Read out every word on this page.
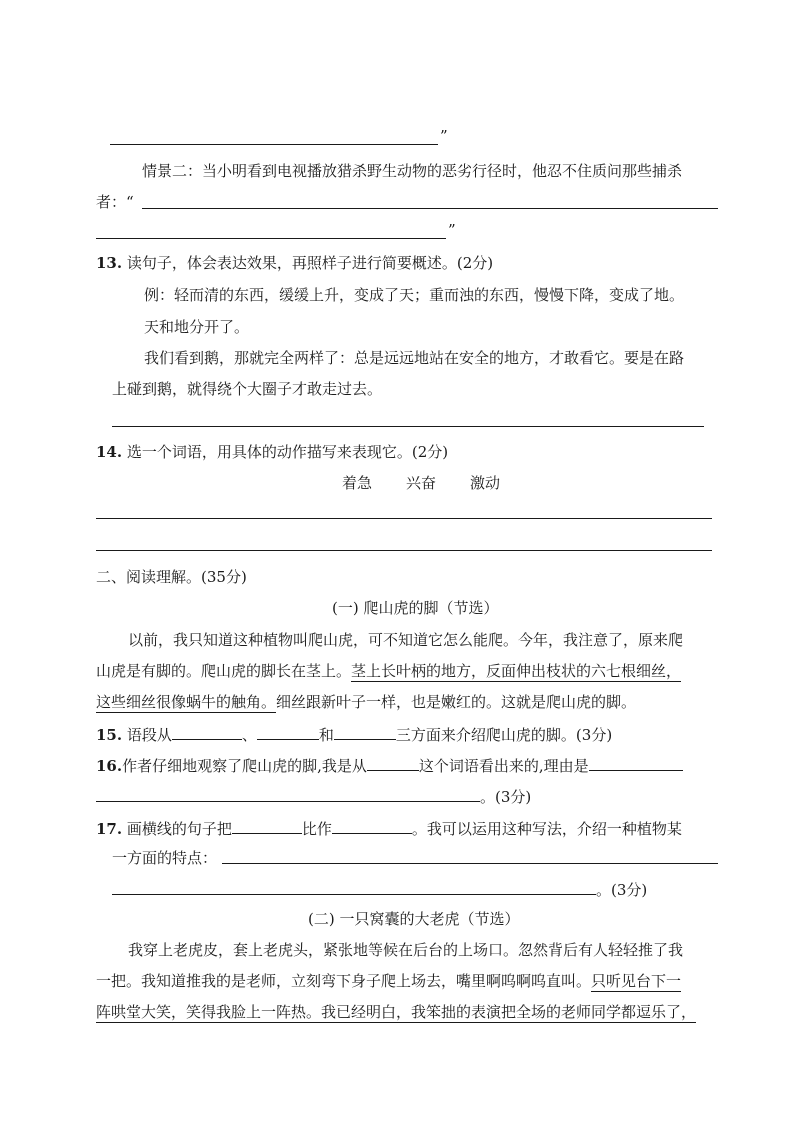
”
情景二：当小明看到电视播放猎杀野生动物的恶劣行径时，他忍不住质问那些捕杀
者：“
”
13. 读句子，体会表达效果，再照样子进行简要概述。(2分)
例：轻而清的东西，缓缓上升，变成了天；重而浊的东西，慢慢下降，变成了地。
天和地分开了。
我们看到鹅，那就完全两样了：总是远远地站在安全的地方，才敢看它。要是在路
上碰到鹅，就得绕个大圈子才敢走过去。
14. 选一个词语，用具体的动作描写来表现它。(2分)
着急 兴奋 激动
二、阅读理解。(35分)
(一) 爬山虎的脚（节选）
以前，我只知道这种植物叫爬山虎，可不知道它怎么能爬。今年，我注意了，原来爬
山虎是有脚的。爬山虎的脚长在茎上。茎上长叶柄的地方，反面伸出枝状的六七根细丝，
这些细丝很像蜗牛的触角。细丝跟新叶子一样，也是嫩红的。这就是爬山虎的脚。
15. 语段从	、	和	三方面来介绍爬山虎的脚。(3分)
16.作者仔细地观察了爬山虎的脚,我是从	这个词语看出来的,理由是
。(3分)
17. 画横线的句子把	比作	。我可以运用这种写法，介绍一种植物某
一方面的特点：
。(3分)
(二) 一只窝囊的大老虎（节选）
我穿上老虎皮，套上老虎头，紧张地等候在后台的上场口。忽然背后有人轻轻推了我
一把。我知道推我的是老师，立刻弯下身子爬上场去，嘴里啊呜啊呜直叫。只听见台下一
阵哄堂大笑，笑得我脸上一阵热。我已经明白，我笨拙的表演把全场的老师同学都逗乐了，
